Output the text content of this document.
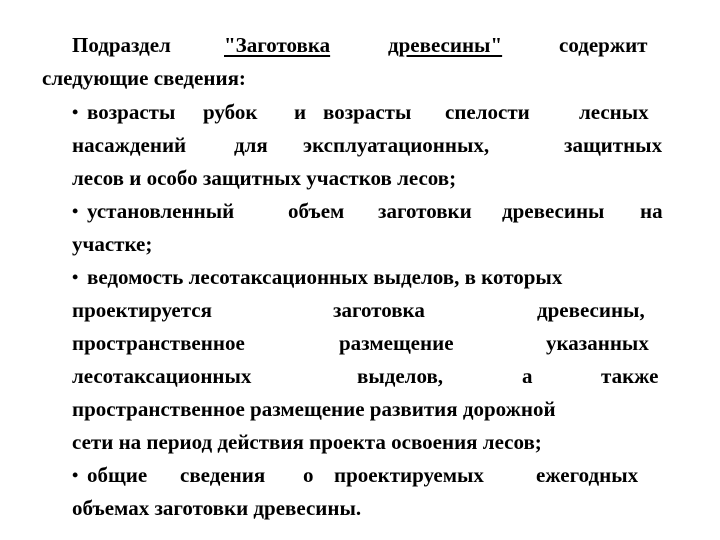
Подраздел	"Заготовка	древесины"	содержит
следующие сведения:
• возрасты рубок и возрасты спелости лесных
насаждений для эксплуатационных,	защитных
лесов и особо защитных участков лесов;
• установленный	объем заготовки древесины на
участке;
• ведомость лесотаксационных выделов, в которых
проектируется	заготовка	древесины,
пространственное	размещение	указанных
лесотаксационных	выделов,	а	также
пространственное размещение развития дорожной
сети на период действия проекта освоения лесов;
• общие сведения о проектируемых ежегодных
объемах заготовки древесины.
